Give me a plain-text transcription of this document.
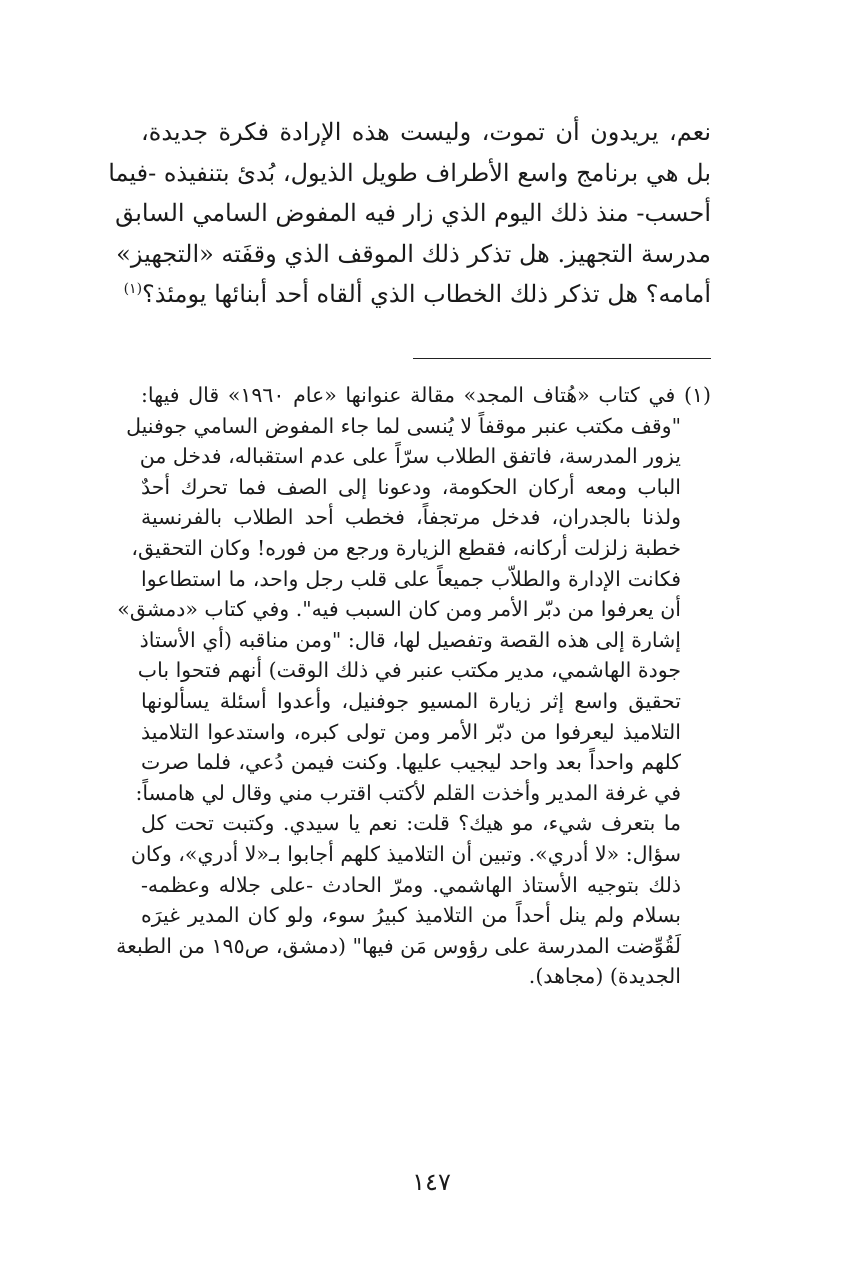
نعم، يريدون أن تموت، وليست هذه الإرادة فكرة جديدة،
بل هي برنامج واسع الأطراف طويل الذيول، بُدئ بتنفيذه -فيما
أحسب- منذ ذلك اليوم الذي زار فيه المفوض السامي السابق
مدرسة التجهيز. هل تذكر ذلك الموقف الذي وقفَته «التجهيز»
أمامه؟ هل تذكر ذلك الخطاب الذي ألقاه أحد أبنائها يومئذ؟$^{(١)}$
(١) في كتاب «هُتاف المجد» مقالة عنوانها «عام ١٩٦٠» قال فيها:
"وقف مكتب عنبر موقفاً لا يُنسى لما جاء المفوض السامي جوفنيل
يزور المدرسة، فاتفق الطلاب سرّاً على عدم استقباله، فدخل من
الباب ومعه أركان الحكومة، ودعونا إلى الصف فما تحرك أحدٌ
ولذنا بالجدران، فدخل مرتجفاً، فخطب أحد الطلاب بالفرنسية
خطبة زلزلت أركانه، فقطع الزيارة ورجع من فوره! وكان التحقيق،
فكانت الإدارة والطلاّب جميعاً على قلب رجل واحد، ما استطاعوا
أن يعرفوا من دبّر الأمر ومن كان السبب فيه". وفي كتاب «دمشق»
إشارة إلى هذه القصة وتفصيل لها، قال: "ومن مناقبه (أي الأستاذ
جودة الهاشمي، مدير مكتب عنبر في ذلك الوقت) أنهم فتحوا باب
تحقيق واسع إثر زيارة المسيو جوفنيل، وأعدوا أسئلة يسألونها
التلاميذ ليعرفوا من دبّر الأمر ومن تولى كبره، واستدعوا التلاميذ
كلهم واحداً بعد واحد ليجيب عليها. وكنت فيمن دُعي، فلما صرت
في غرفة المدير وأخذت القلم لأكتب اقترب مني وقال لي هامساً:
ما بتعرف شيء، مو هيك؟ قلت: نعم يا سيدي. وكتبت تحت كل
سؤال: «لا أدري». وتبين أن التلاميذ كلهم أجابوا بـ«لا أدري»، وكان
ذلك بتوجيه الأستاذ الهاشمي. ومرّ الحادث -على جلاله وعظمه-
بسلام ولم ينل أحداً من التلاميذ كبيرُ سوء، ولو كان المدير غيرَه
لَقُوِّضت المدرسة على رؤوس مَن فيها" (دمشق، ص١٩٥ من الطبعة
الجديدة) (مجاهد).
١٤٧
